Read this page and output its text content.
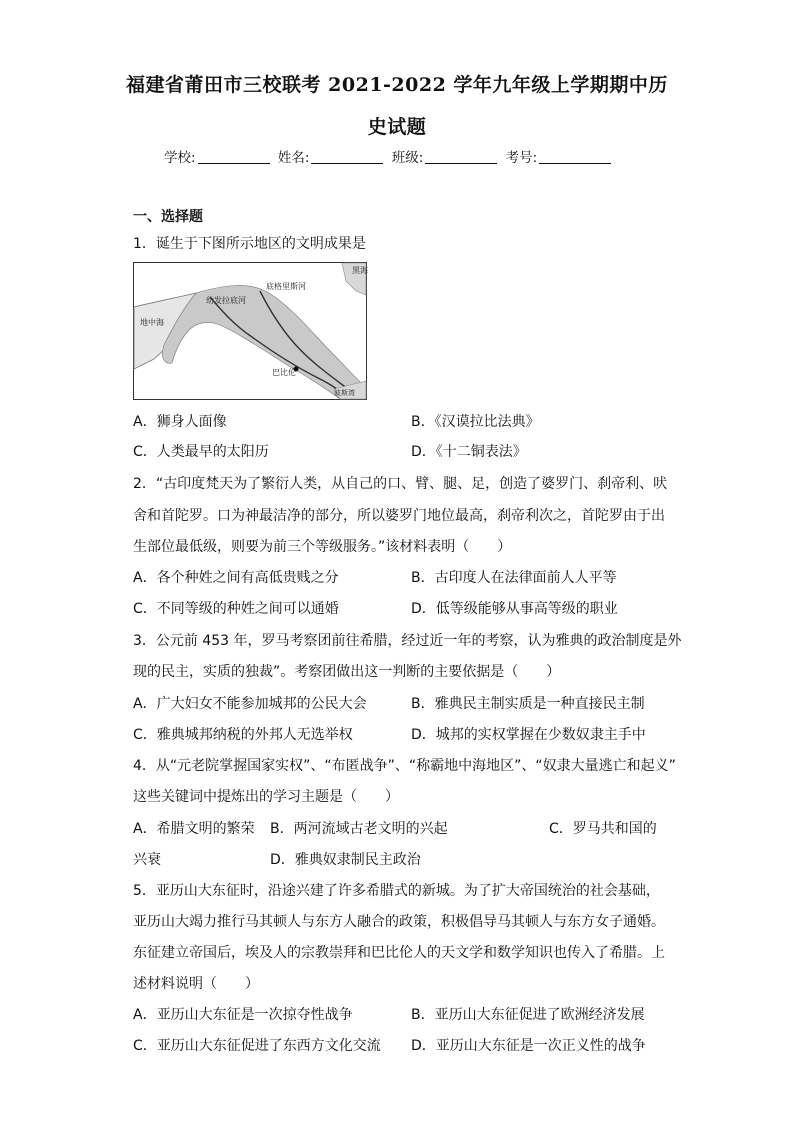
福建省莆田市三校联考 2021-2022 学年九年级上学期期中历
史试题
学校:	姓名:	班级:	考号:
一、选择题
1．诞生于下图所示地区的文明成果是
黑海
地中海
幼发拉底河
底格里斯河
巴比伦
波斯湾
A．狮身人面像	B．《汉谟拉比法典》
C．人类最早的太阳历	D．《十二铜表法》
2．“古印度梵天为了繁衍人类，从自己的口、臂、腿、足，创造了婆罗门、刹帝利、吠
舍和首陀罗。口为神最洁净的部分，所以婆罗门地位最高，刹帝利次之，首陀罗由于出
生部位最低级，则要为前三个等级服务。”该材料表明（　　）
A．各个种姓之间有高低贵贱之分	B．古印度人在法律面前人人平等
C．不同等级的种姓之间可以通婚	D．低等级能够从事高等级的职业
3．公元前 453 年，罗马考察团前往希腊，经过近一年的考察，认为雅典的政治制度是外
现的民主，实质的独裁”。考察团做出这一判断的主要依据是（　　）
A．广大妇女不能参加城邦的公民大会	B．雅典民主制实质是一种直接民主制
C．雅典城邦纳税的外邦人无选举权	D．城邦的实权掌握在少数奴隶主手中
4．从“元老院掌握国家实权”、“布匿战争”、“称霸地中海地区”、“奴隶大量逃亡和起义”
这些关键词中提炼出的学习主题是（　　）
A．希腊文明的繁荣 B．两河流域古老文明的兴起	C．罗马共和国的
兴衰	D．雅典奴隶制民主政治
5．亚历山大东征时，沿途兴建了许多希腊式的新城。为了扩大帝国统治的社会基础，
亚历山大竭力推行马其顿人与东方人融合的政策，积极倡导马其顿人与东方女子通婚。
东征建立帝国后，埃及人的宗教崇拜和巴比伦人的天文学和数学知识也传入了希腊。上
述材料说明（　　）
A．亚历山大东征是一次掠夺性战争	B．亚历山大东征促进了欧洲经济发展
C．亚历山大东征促进了东西方文化交流 D．亚历山大东征是一次正义性的战争
